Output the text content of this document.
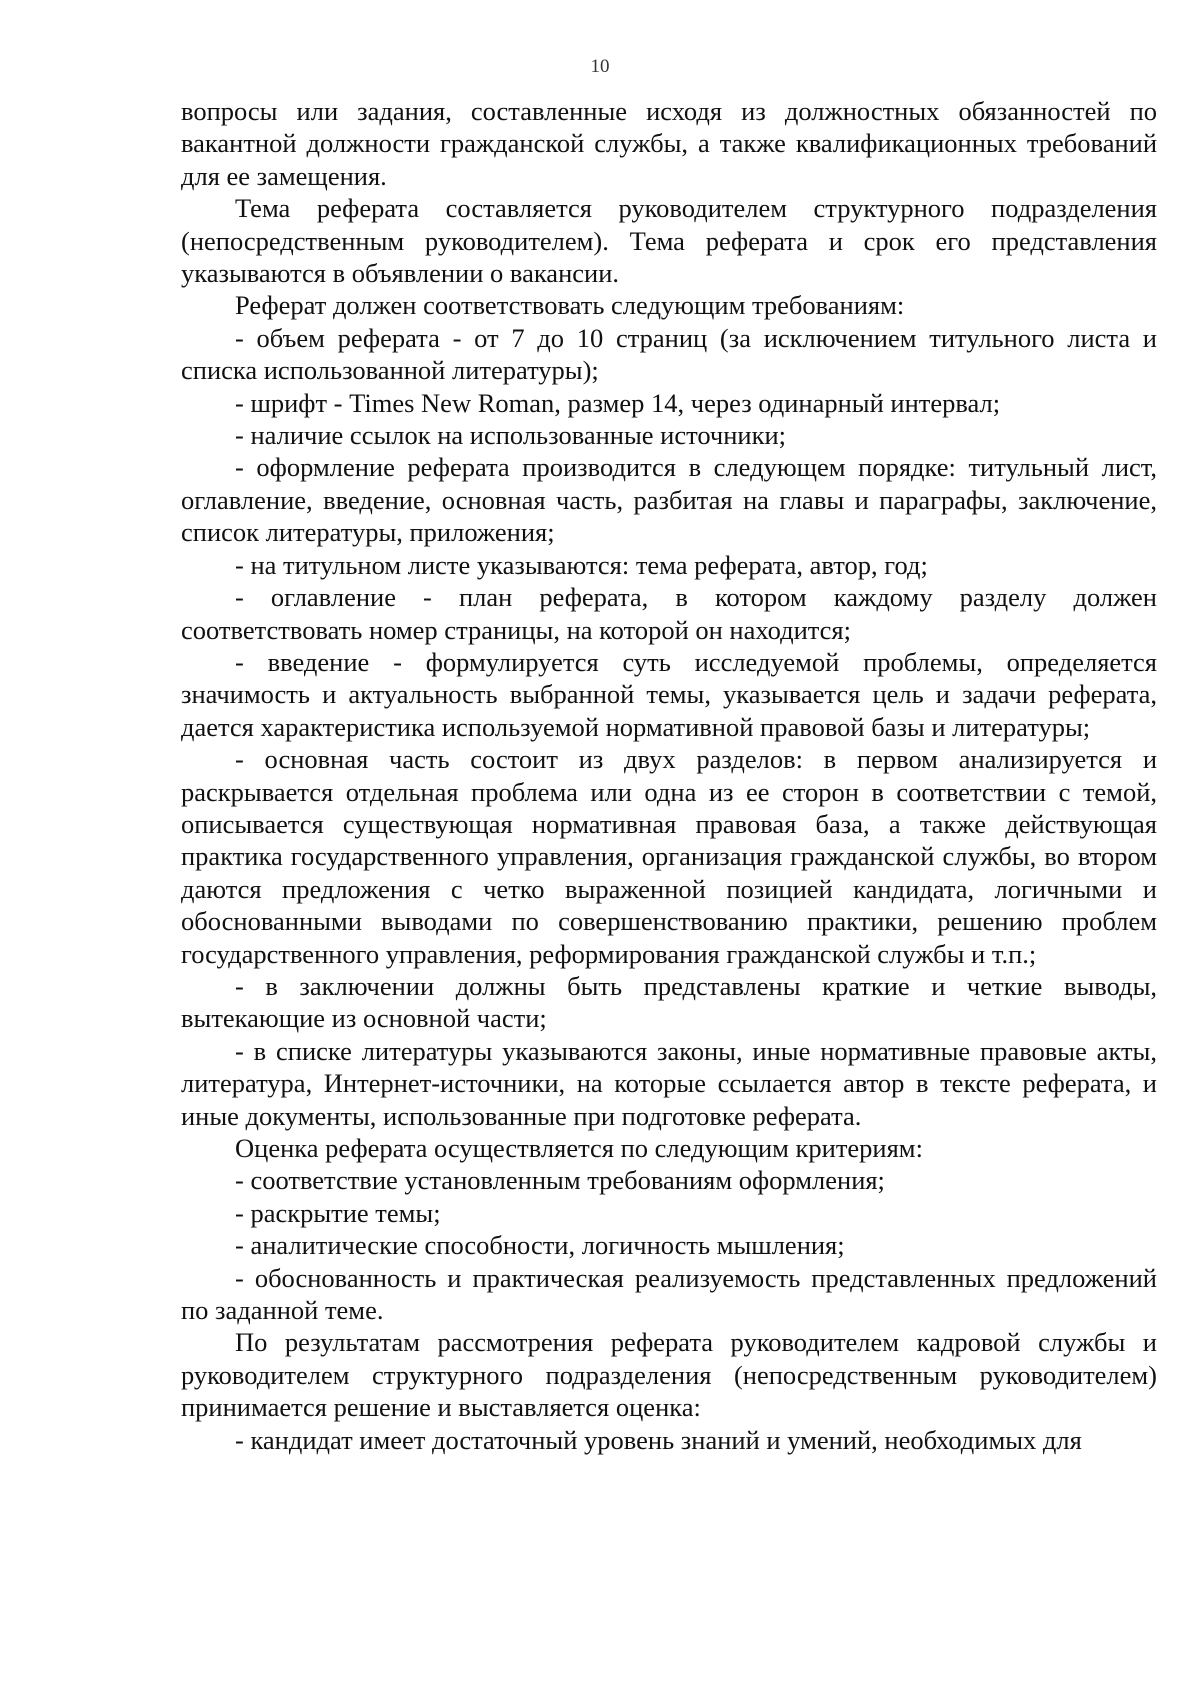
10

вопросы или задания, составленные исходя из должностных обязанностей по вакантной должности гражданской службы, а также квалификационных требований для ее замещения.

Тема реферата составляется руководителем структурного подразделения (непосредственным руководителем). Тема реферата и срок его представления указываются в объявлении о вакансии.

Реферат должен соответствовать следующим требованиям:

- объем реферата - от 7 до 10 страниц (за исключением титульного листа и списка использованной литературы);

- шрифт - Times New Roman, размер 14, через одинарный интервал;

- наличие ссылок на использованные источники;

- оформление реферата производится в следующем порядке: титульный лист, оглавление, введение, основная часть, разбитая на главы и параграфы, заключение, список литературы, приложения;

- на титульном листе указываются: тема реферата, автор, год;

- оглавление - план реферата, в котором каждому разделу должен соответствовать номер страницы, на которой он находится;

- введение - формулируется суть исследуемой проблемы, определяется значимость и актуальность выбранной темы, указывается цель и задачи реферата, дается характеристика используемой нормативной правовой базы и литературы;

- основная часть состоит из двух разделов: в первом анализируется и раскрывается отдельная проблема или одна из ее сторон в соответствии с темой, описывается существующая нормативная правовая база, а также действующая практика государственного управления, организация гражданской службы, во втором даются предложения с четко выраженной позицией кандидата, логичными и обоснованными выводами по совершенствованию практики, решению проблем государственного управления, реформирования гражданской службы и т.п.;

- в заключении должны быть представлены краткие и четкие выводы, вытекающие из основной части;

- в списке литературы указываются законы, иные нормативные правовые акты, литература, Интернет-источники, на которые ссылается автор в тексте реферата, и иные документы, использованные при подготовке реферата.

Оценка реферата осуществляется по следующим критериям:

- соответствие установленным требованиям оформления;

- раскрытие темы;

- аналитические способности, логичность мышления;

- обоснованность и практическая реализуемость представленных предложений по заданной теме.

По результатам рассмотрения реферата руководителем кадровой службы и руководителем структурного подразделения (непосредственным руководителем) принимается решение и выставляется оценка:

- кандидат имеет достаточный уровень знаний и умений, необходимых для
